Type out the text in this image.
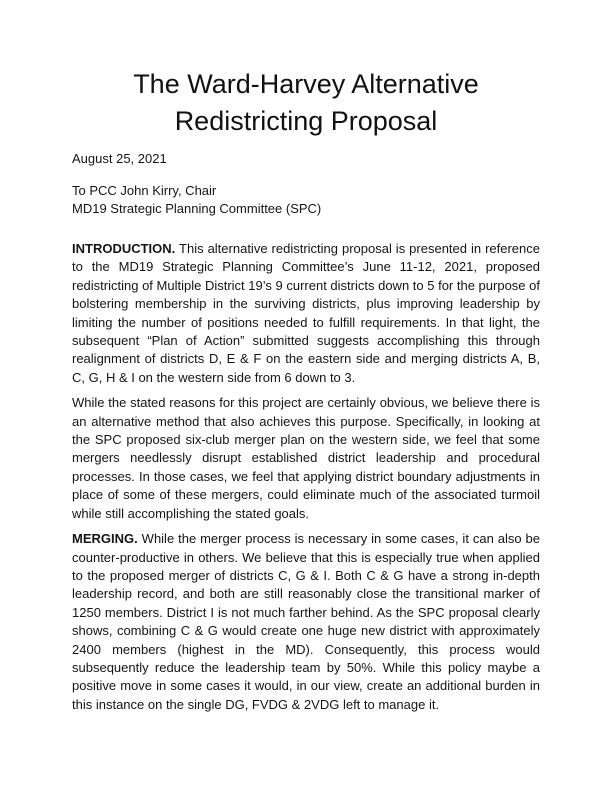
The Ward-Harvey Alternative
Redistricting Proposal

August 25, 2021

To PCC John Kirry, Chair
MD19 Strategic Planning Committee (SPC)

INTRODUCTION. This alternative redistricting proposal is presented in reference to the MD19 Strategic Planning Committee’s June 11-12, 2021, proposed redistricting of Multiple District 19’s 9 current districts down to 5 for the purpose of bolstering membership in the surviving districts, plus improving leadership by limiting the number of positions needed to fulfill requirements. In that light, the subsequent “Plan of Action” submitted suggests accomplishing this through realignment of districts D, E & F on the eastern side and merging districts A, B, C, G, H & I on the western side from 6 down to 3.

While the stated reasons for this project are certainly obvious, we believe there is an alternative method that also achieves this purpose. Specifically, in looking at the SPC proposed six-club merger plan on the western side, we feel that some mergers needlessly disrupt established district leadership and procedural processes. In those cases, we feel that applying district boundary adjustments in place of some of these mergers, could eliminate much of the associated turmoil while still accomplishing the stated goals.

MERGING. While the merger process is necessary in some cases, it can also be counter-productive in others. We believe that this is especially true when applied to the proposed merger of districts C, G & I. Both C & G have a strong in-depth leadership record, and both are still reasonably close the transitional marker of 1250 members. District I is not much farther behind. As the SPC proposal clearly shows, combining C & G would create one huge new district with approximately 2400 members (highest in the MD). Consequently, this process would subsequently reduce the leadership team by 50%. While this policy maybe a positive move in some cases it would, in our view, create an additional burden in this instance on the single DG, FVDG & 2VDG left to manage it.
